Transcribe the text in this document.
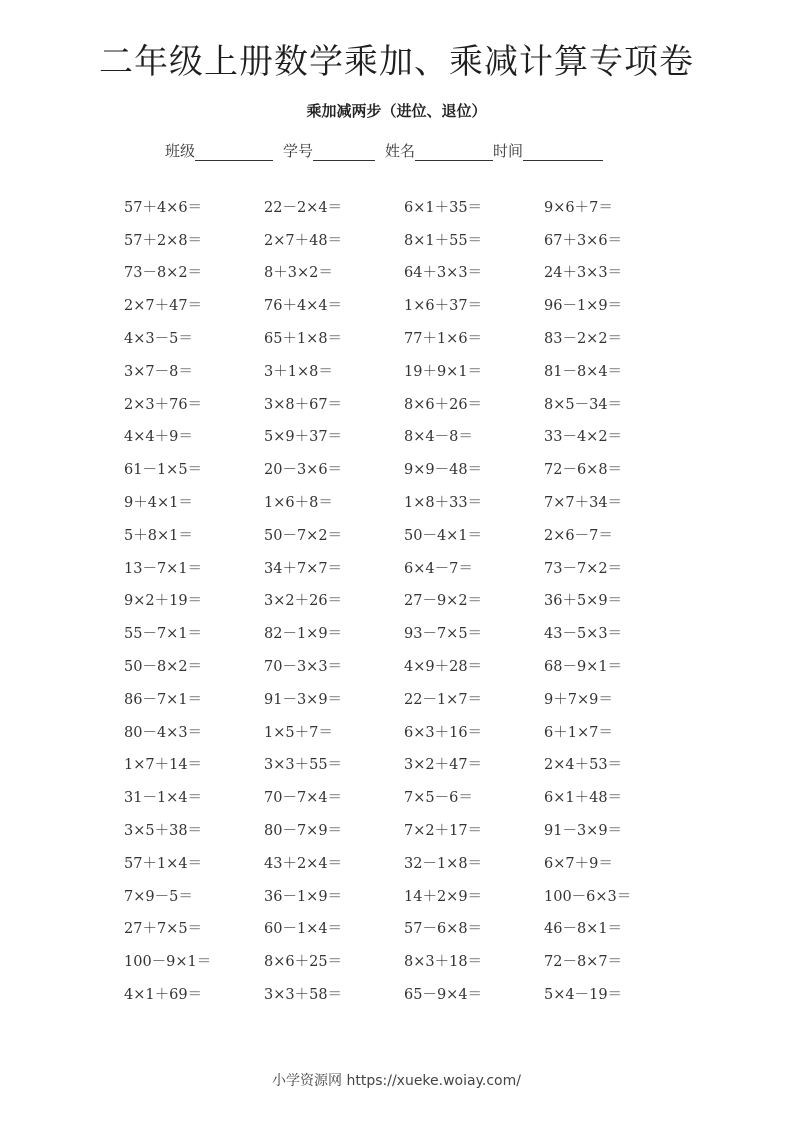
二年级上册数学乘加、乘减计算专项卷
乘加减两步（进位、退位）
班级	学号	姓名	时间
57＋4×6＝	22－2×4＝	6×1＋35＝	9×6＋7＝
57＋2×8＝	2×7＋48＝	8×1＋55＝	67＋3×6＝
73－8×2＝	8＋3×2＝	64＋3×3＝	24＋3×3＝
2×7＋47＝	76＋4×4＝	1×6＋37＝	96－1×9＝
4×3－5＝	65＋1×8＝	77＋1×6＝	83－2×2＝
3×7－8＝	3＋1×8＝	19＋9×1＝	81－8×4＝
2×3＋76＝	3×8＋67＝	8×6＋26＝	8×5－34＝
4×4＋9＝	5×9＋37＝	8×4－8＝	33－4×2＝
61－1×5＝	20－3×6＝	9×9－48＝	72－6×8＝
9＋4×1＝	1×6＋8＝	1×8＋33＝	7×7＋34＝
5＋8×1＝	50－7×2＝	50－4×1＝	2×6－7＝
13－7×1＝	34＋7×7＝	6×4－7＝	73－7×2＝
9×2＋19＝	3×2＋26＝	27－9×2＝	36＋5×9＝
55－7×1＝	82－1×9＝	93－7×5＝	43－5×3＝
50－8×2＝	70－3×3＝	4×9＋28＝	68－9×1＝
86－7×1＝	91－3×9＝	22－1×7＝	9＋7×9＝
80－4×3＝	1×5＋7＝	6×3＋16＝	6＋1×7＝
1×7＋14＝	3×3＋55＝	3×2＋47＝	2×4＋53＝
31－1×4＝	70－7×4＝	7×5－6＝	6×1＋48＝
3×5＋38＝	80－7×9＝	7×2＋17＝	91－3×9＝
57＋1×4＝	43＋2×4＝	32－1×8＝	6×7＋9＝
7×9－5＝	36－1×9＝	14＋2×9＝	100－6×3＝
27＋7×5＝	60－1×4＝	57－6×8＝	46－8×1＝
100－9×1＝	8×6＋25＝	8×3＋18＝	72－8×7＝
4×1＋69＝	3×3＋58＝	65－9×4＝	5×4－19＝
小学资源网 https://xueke.woiay.com/
